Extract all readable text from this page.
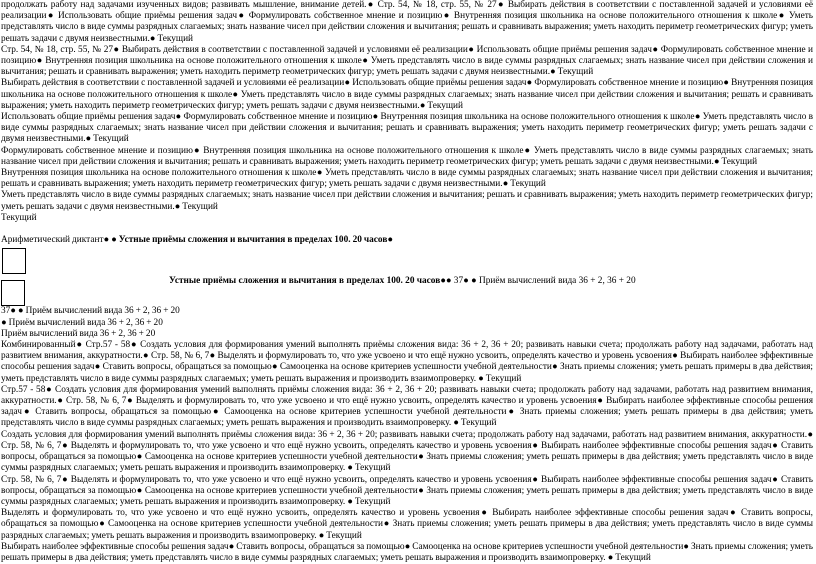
продолжать работу над задачами изученных видов; развивать мышление, внимание детей.● Стр. 54, № 18, стр. 55, № 27● Выбирать действия в соответствии с поставленной задачей и условиями её реализации● Использовать общие приёмы решения задач● Формулировать собственное мнение и позицию● Внутренняя позиция школьника на основе положительного отношения к школе● Уметь представлять число в виде суммы разрядных слагаемых; знать название чисел при действии сложения и вычитания; решать и сравнивать выражения; уметь находить периметр геометрических фигур; уметь решать задачи с двумя неизвестными.● Текущий

Стр. 54, № 18, стр. 55, № 27● Выбирать действия в соответствии с поставленной задачей и условиями её реализации● Использовать общие приёмы решения задач● Формулировать собственное мнение и позицию● Внутренняя позиция школьника на основе положительного отношения к школе● Уметь представлять число в виде суммы разрядных слагаемых; знать название чисел при действии сложения и вычитания; решать и сравнивать выражения; уметь находить периметр геометрических фигур; уметь решать задачи с двумя неизвестными.● Текущий

Выбирать действия в соответствии с поставленной задачей и условиями её реализации● Использовать общие приёмы решения задач● Формулировать собственное мнение и позицию● Внутренняя позиция школьника на основе положительного отношения к школе● Уметь представлять число в виде суммы разрядных слагаемых; знать название чисел при действии сложения и вычитания; решать и сравнивать выражения; уметь находить периметр геометрических фигур; уметь решать задачи с двумя неизвестными.● Текущий

Использовать общие приёмы решения задач● Формулировать собственное мнение и позицию● Внутренняя позиция школьника на основе положительного отношения к школе● Уметь представлять число в виде суммы разрядных слагаемых; знать название чисел при действии сложения и вычитания; решать и сравнивать выражения; уметь находить периметр геометрических фигур; уметь решать задачи с двумя неизвестными.● Текущий

Формулировать собственное мнение и позицию● Внутренняя позиция школьника на основе положительного отношения к школе● Уметь представлять число в виде суммы разрядных слагаемых; знать название чисел при действии сложения и вычитания; решать и сравнивать выражения; уметь находить периметр геометрических фигур; уметь решать задачи с двумя неизвестными.● Текущий

Внутренняя позиция школьника на основе положительного отношения к школе● Уметь представлять число в виде суммы разрядных слагаемых; знать название чисел при действии сложения и вычитания; решать и сравнивать выражения; уметь находить периметр геометрических фигур; уметь решать задачи с двумя неизвестными.● Текущий

Уметь представлять число в виде суммы разрядных слагаемых; знать название чисел при действии сложения и вычитания; решать и сравнивать выражения; уметь находить периметр геометрических фигур; уметь решать задачи с двумя неизвестными.● Текущий

Текущий

Арифметический диктант● ● Устные приёмы сложения и вычитания в пределах 100. 20 часов●

Устные приёмы сложения и вычитания в пределах 100. 20 часов●● 37● ● Приём вычислений вида 36 + 2, 36 + 20

37● ● Приём вычислений вида 36 + 2, 36 + 20

● Приём вычислений вида 36 + 2, 36 + 20

Приём вычислений вида 36 + 2, 36 + 20

Комбинированный● Стр.57 - 58● Создать условия для формирования умений выполнять приёмы сложения вида: 36 + 2, 36 + 20; развивать навыки счета; продолжать работу над задачами, работать над развитием внимания, аккуратности.● Стр. 58, № 6, 7● Выделять и формулировать то, что уже усвоено и что ещё нужно усвоить, определять качество и уровень усвоения● Выбирать наиболее эффективные способы решения задач● Ставить вопросы, обращаться за помощью● Самооценка на основе критериев успешности учебной деятельности● Знать приемы сложения; уметь решать примеры в два действия; уметь представлять число в виде суммы разрядных слагаемых; уметь решать выражения и производить взаимопроверку. ● Текущий

Стр.57 - 58● Создать условия для формирования умений выполнять приёмы сложения вида: 36 + 2, 36 + 20; развивать навыки счета; продолжать работу над задачами, работать над развитием внимания, аккуратности.● Стр. 58, № 6, 7● Выделять и формулировать то, что уже усвоено и что ещё нужно усвоить, определять качество и уровень усвоения● Выбирать наиболее эффективные способы решения задач● Ставить вопросы, обращаться за помощью● Самооценка на основе критериев успешности учебной деятельности● Знать приемы сложения; уметь решать примеры в два действия; уметь представлять число в виде суммы разрядных слагаемых; уметь решать выражения и производить взаимопроверку. ● Текущий

Создать условия для формирования умений выполнять приёмы сложения вида: 36 + 2, 36 + 20; развивать навыки счета; продолжать работу над задачами, работать над развитием внимания, аккуратности.● Стр. 58, № 6, 7● Выделять и формулировать то, что уже усвоено и что ещё нужно усвоить, определять качество и уровень усвоения● Выбирать наиболее эффективные способы решения задач● Ставить вопросы, обращаться за помощью● Самооценка на основе критериев успешности учебной деятельности● Знать приемы сложения; уметь решать примеры в два действия; уметь представлять число в виде суммы разрядных слагаемых; уметь решать выражения и производить взаимопроверку. ● Текущий

Стр. 58, № 6, 7● Выделять и формулировать то, что уже усвоено и что ещё нужно усвоить, определять качество и уровень усвоения● Выбирать наиболее эффективные способы решения задач● Ставить вопросы, обращаться за помощью● Самооценка на основе критериев успешности учебной деятельности● Знать приемы сложения; уметь решать примеры в два действия; уметь представлять число в виде суммы разрядных слагаемых; уметь решать выражения и производить взаимопроверку. ● Текущий

Выделять и формулировать то, что уже усвоено и что ещё нужно усвоить, определять качество и уровень усвоения● Выбирать наиболее эффективные способы решения задач● Ставить вопросы, обращаться за помощью● Самооценка на основе критериев успешности учебной деятельности● Знать приемы сложения; уметь решать примеры в два действия; уметь представлять число в виде суммы разрядных слагаемых; уметь решать выражения и производить взаимопроверку. ● Текущий

Выбирать наиболее эффективные способы решения задач● Ставить вопросы, обращаться за помощью● Самооценка на основе критериев успешности учебной деятельности● Знать приемы сложения; уметь решать примеры в два действия; уметь представлять число в виде суммы разрядных слагаемых; уметь решать выражения и производить взаимопроверку. ● Текущий
